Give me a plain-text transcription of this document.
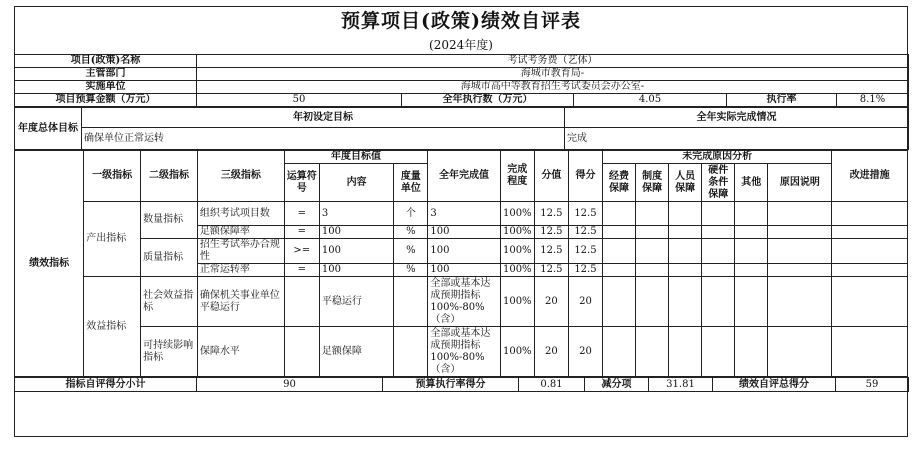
预算项目(政策)绩效自评表
(2024年度)
项目(政策)名称	考试考务费（艺体）				
主管部门	海城市教育局-				
实施单位	海城市高中等教育招生考试委员会办公室-				
项目预算金额（万元）	50	全年执行数（万元）	4.05	执行率	8.1%
年度总体目标	年初设定目标	全年实际完成情况
	确保单位正常运转	完成
绩效指标	一级指标	二级指标	三级指标	年度目标值			全年完成值	完成程度	分值	得分	未完成原因分析						改进措施
				运算符号	内容	度量单位					经费保障	制度保障	人员保障	硬件条件保障	其他	原因说明	
	产出指标	数量指标	组织考试项目数	=	3	个	3	100%	12.5	12.5							
			足额保障率	=	100	%	100	100%	12.5	12.5							
		质量指标	招生考试举办合规性	>=	100	%	100	100%	12.5	12.5							
			正常运转率	=	100	%	100	100%	12.5	12.5							
	效益指标	社会效益指标	确保机关事业单位平稳运行		平稳运行		全部或基本达成预期指标100%-80%（含）	100%	20	20							
		可持续影响指标	保障水平		足额保障		全部或基本达成预期指标100%-80%（含）	100%	20	20							
指标自评得分小计	90	预算执行率得分	0.81	减分项	31.81	绩效自评总得分	59
